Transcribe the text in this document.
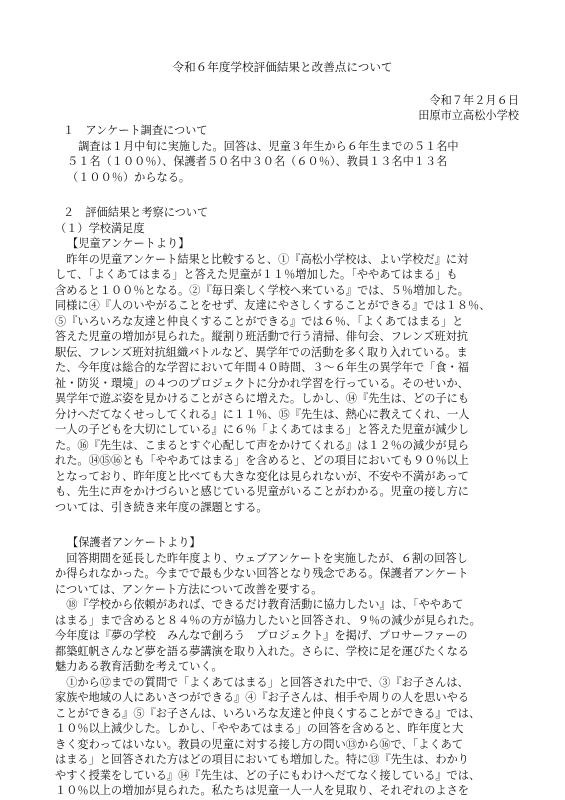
令和６年度学校評価結果と改善点について
令和７年２月６日
田原市立高松小学校
１　アンケート調査について
　調査は１月中旬に実施した。回答は、児童３年生から６年生までの５１名中
５１名（１００％）、保護者５０名中３０名（６０％）、教員１３名中１３名
（１００％）からなる。
２　評価結果と考察について
（１）学校満足度
【児童アンケートより】
　昨年の児童アンケート結果と比較すると、①『高松小学校は、よい学校だ』に対
して、「よくあてはまる」と答えた児童が１１％増加した。「ややあてはまる」も
含めると１００％となる。②『毎日楽しく学校へ来ている』では、５％増加した。
同様に④『人のいやがることをせず、友達にやさしくすることができる』では１８％、
⑤『いろいろな友達と仲良くすることができる』では６％、「よくあてはまる」と
答えた児童の増加が見られた。縦割り班活動で行う清掃、俳句会、フレンズ班対抗
駅伝、フレンズ班対抗組織バトルなど、異学年での活動を多く取り入れている。ま
た、今年度は総合的な学習において年間４０時間、３～６年生の異学年で「食・福
祉・防災・環境」の４つのプロジェクトに分かれ学習を行っている。そのせいか、
異学年で遊ぶ姿を見かけることがさらに増えた。しかし、⑭『先生は、どの子にも
分けへだてなくせっしてくれる』に１１％、⑮『先生は、熱心に教えてくれ、一人
一人の子どもを大切にしている』に６％「よくあてはまる」と答えた児童が減少し
た。⑯『先生は、こまるとすぐ心配して声をかけてくれる』は１２％の減少が見ら
れた。⑭⑮⑯とも「ややあてはまる」を含めると、どの項目においても９０％以上
となっており、昨年度と比べても大きな変化は見られないが、不安や不満があって
も、先生に声をかけづらいと感じている児童がいることがわかる。児童の接し方に
ついては、引き続き来年度の課題とする。
【保護者アンケートより】
　回答期間を延長した昨年度より、ウェブアンケートを実施したが、６割の回答し
か得られなかった。今までで最も少ない回答となり残念である。保護者アンケート
については、アンケート方法について改善を要する。
　⑱『学校から依頼があれば、できるだけ教育活動に協力したい』は、「ややあて
はまる」まで含めると８４％の方が協力したいと回答され、９％の減少が見られた。
今年度は『夢の学校　みんなで創ろう　プロジェクト』を掲げ、プロサーファーの
都築虹帆さんなど夢を語る夢講演を取り入れた。さらに、学校に足を運びたくなる
魅力ある教育活動を考えていく。
　①から⑫までの質問で「よくあてはまる」と回答された中で、③『お子さんは、
家族や地域の人にあいさつができる』④『お子さんは、相手や周りの人を思いやる
ことができる』⑤『お子さんは、いろいろな友達と仲良くすることができる』では、
１０％以上減少した。しかし、「ややあてはまる」の回答を含めると、昨年度と大
きく変わってはいない。教員の児童に対する接し方の問い⑬から⑯で、「よくあて
はまる」と回答された方はどの項目においても増加した。特に⑬『先生は、わかり
やすく授業をしている』⑭『先生は、どの子にもわけへだてなく接している』では、
１０％以上の増加が見られた。私たちは児童一人一人を見取り、それぞれのよさを
